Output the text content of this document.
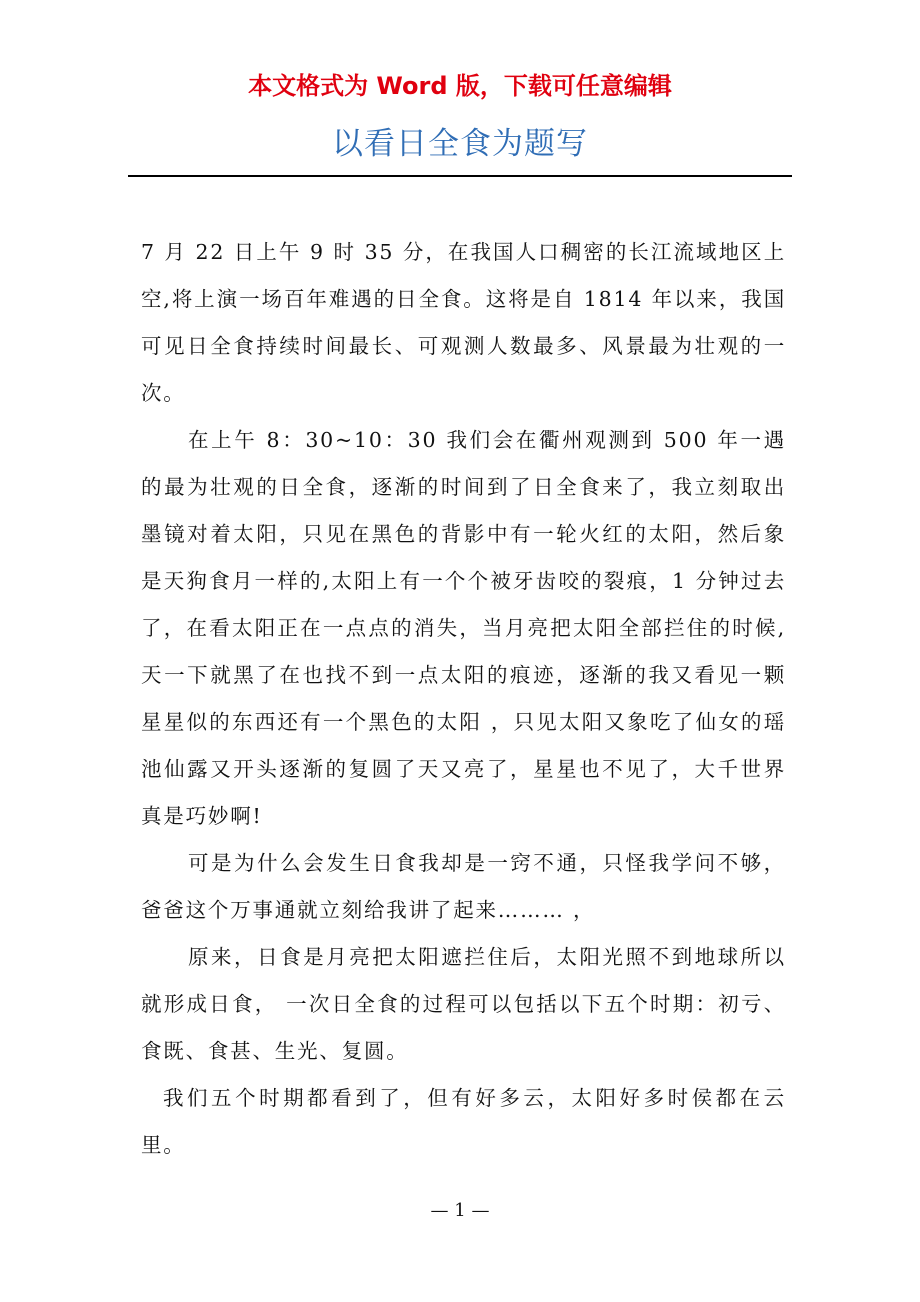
本文格式为 Word 版，下载可任意编辑
以看日全食为题写

7 月 22 日上午 9 时 35 分，在我国人口稠密的长江流域地区上空,将上演一场百年难遇的日全食。这将是自 1814 年以来，我国可见日全食持续时间最长、可观测人数最多、风景最为壮观的一次。

在上午 8：30~10：30 我们会在衢州观测到 500 年一遇的最为壮观的日全食，逐渐的时间到了日全食来了，我立刻取出墨镜对着太阳，只见在黑色的背影中有一轮火红的太阳，然后象是天狗食月一样的,太阳上有一个个被牙齿咬的裂痕，1 分钟过去了，在看太阳正在一点点的消失，当月亮把太阳全部拦住的时候,天一下就黑了在也找不到一点太阳的痕迹，逐渐的我又看见一颗星星似的东西还有一个黑色的太阳 ，只见太阳又象吃了仙女的瑶池仙露又开头逐渐的复圆了天又亮了，星星也不见了，大千世界真是巧妙啊!

可是为什么会发生日食我却是一窍不通，只怪我学问不够，爸爸这个万事通就立刻给我讲了起来……… ，

原来，日食是月亮把太阳遮拦住后，太阳光照不到地球所以就形成日食， 一次日全食的过程可以包括以下五个时期：初亏、食既、食甚、生光、复圆。

我们五个时期都看到了，但有好多云，太阳好多时侯都在云里。

— 1 —
